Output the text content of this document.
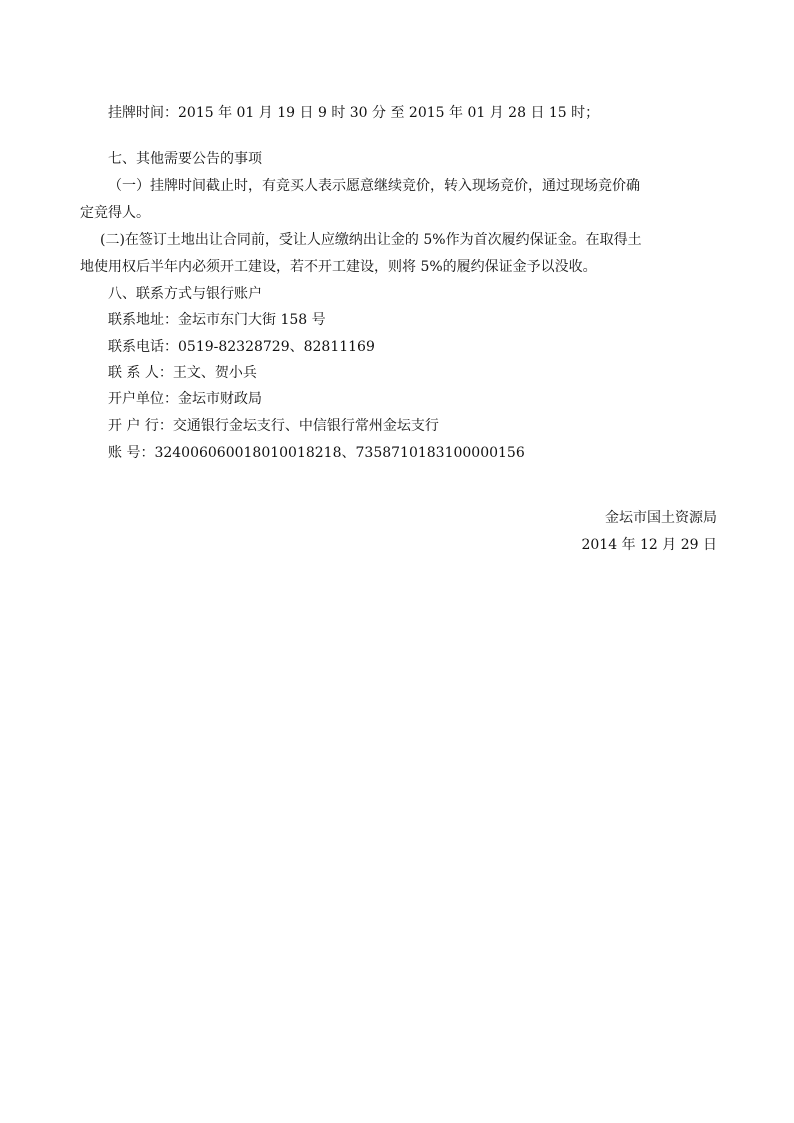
挂牌时间：2015 年 01 月 19 日 9 时 30 分 至 2015 年 01 月 28 日 15 时；
七、其他需要公告的事项
（一）挂牌时间截止时，有竞买人表示愿意继续竞价，转入现场竞价，通过现场竞价确
定竞得人。
(二)在签订土地出让合同前，受让人应缴纳出让金的 5%作为首次履约保证金。在取得土
地使用权后半年内必须开工建设，若不开工建设，则将 5%的履约保证金予以没收。
八、联系方式与银行账户
联系地址：金坛市东门大街 158 号
联系电话：0519-82328729、82811169
联 系 人：王文、贺小兵
开户单位：金坛市财政局
开 户 行：交通银行金坛支行、中信银行常州金坛支行
账 号：32400606001801001​8218、7358710183100000156
金坛市国土资源局
2014 年 12 月 29 日
